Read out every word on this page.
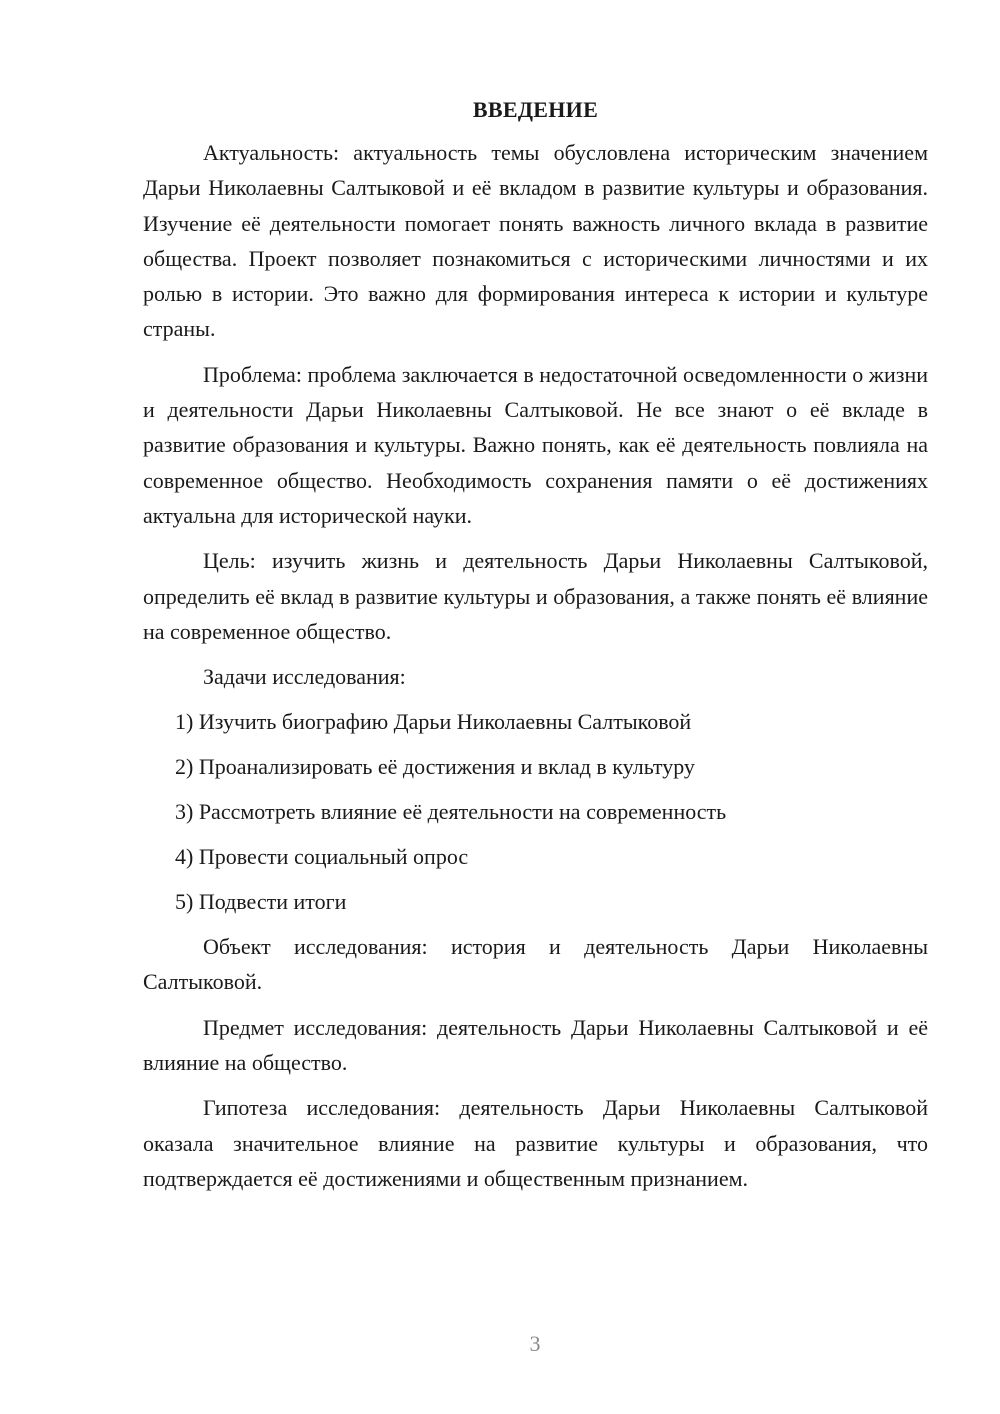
ВВЕДЕНИЕ

Актуальность: актуальность темы обусловлена историческим значением Дарьи Николаевны Салтыковой и её вкладом в развитие культуры и образования. Изучение её деятельности помогает понять важность личного вклада в развитие общества. Проект позволяет познакомиться с историческими личностями и их ролью в истории. Это важно для формирования интереса к истории и культуре страны.

Проблема: проблема заключается в недостаточной осведомленности о жизни и деятельности Дарьи Николаевны Салтыковой. Не все знают о её вкладе в развитие образования и культуры. Важно понять, как её деятельность повлияла на современное общество. Необходимость сохранения памяти о её достижениях актуальна для исторической науки.

Цель: изучить жизнь и деятельность Дарьи Николаевны Салтыковой, определить её вклад в развитие культуры и образования, а также понять её влияние на современное общество.

Задачи исследования:
1) Изучить биографию Дарьи Николаевны Салтыковой
2) Проанализировать её достижения и вклад в культуру
3) Рассмотреть влияние её деятельности на современность
4) Провести социальный опрос
5) Подвести итоги

Объект исследования: история и деятельность Дарьи Николаевны Салтыковой.

Предмет исследования: деятельность Дарьи Николаевны Салтыковой и её влияние на общество.

Гипотеза исследования: деятельность Дарьи Николаевны Салтыковой оказала значительное влияние на развитие культуры и образования, что подтверждается её достижениями и общественным признанием.

3
